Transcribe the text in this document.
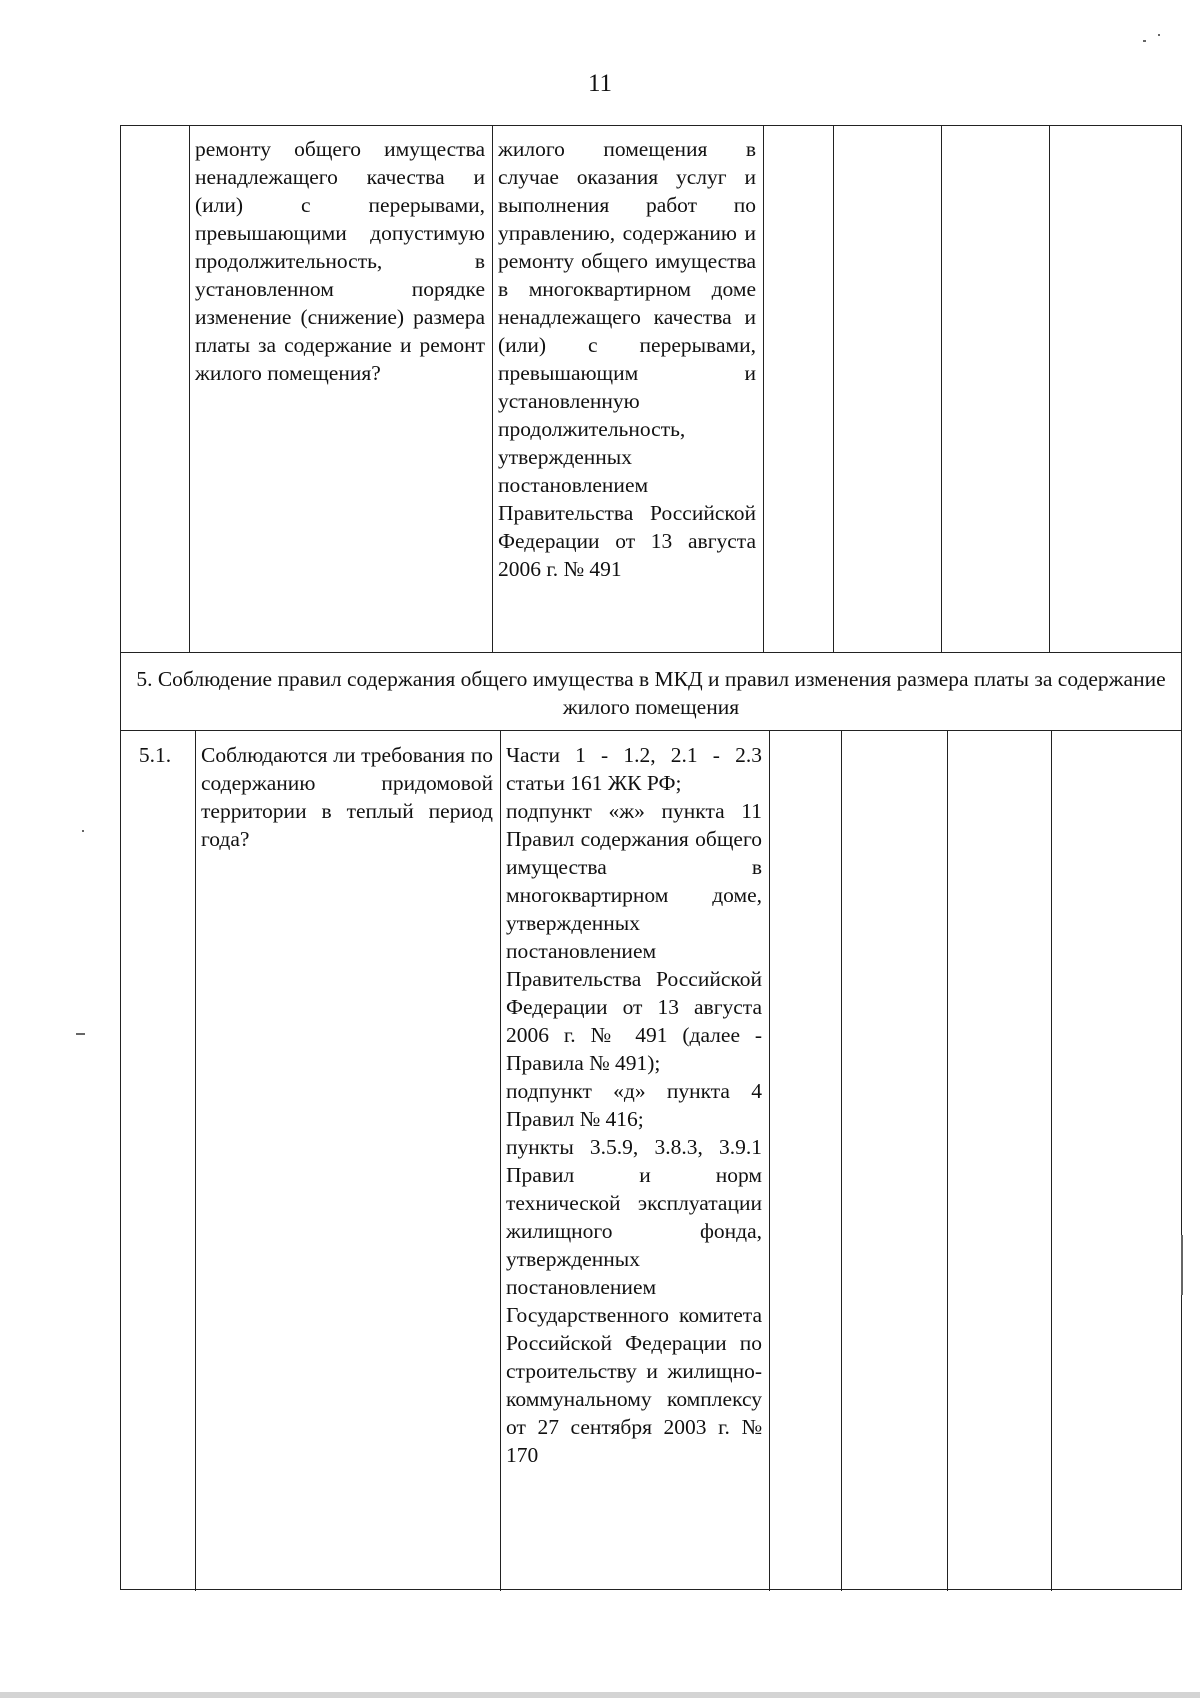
11
ремонту общего имущества ненадлежащего качества и (или) с перерывами, превышающими допустимую продолжительность, в установленном порядке изменение (снижение) размера платы за содержание и ремонт жилого помещения?
жилого помещения в случае оказания услуг и выполнения работ по управлению, содержанию и ремонту общего имущества в многоквартирном доме ненадлежащего качества и (или) с перерывами, превышающим и установленную продолжительность, утвержденных постановлением Правительства Российской Федерации от 13 августа 2006 г. № 491
5. Соблюдение правил содержания общего имущества в МКД и правил изменения размера платы за содержание жилого помещения
5.1.	Соблюдаются ли требования по содержанию придомовой территории в теплый период года?
Части 1 - 1.2, 2.1 - 2.3 статьи 161 ЖК РФ;
подпункт «ж» пункта 11 Правил содержания общего имущества в многоквартирном доме, утвержденных постановлением Правительства Российской Федерации от 13 августа 2006 г. № 491 (далее - Правила № 491);
подпункт «д» пункта 4 Правил № 416;
пункты 3.5.9, 3.8.3, 3.9.1 Правил и норм технической эксплуатации жилищного фонда, утвержденных постановлением Государственного комитета Российской Федерации по строительству и жилищно-коммунальному комплексу от 27 сентября 2003 г. № 170
